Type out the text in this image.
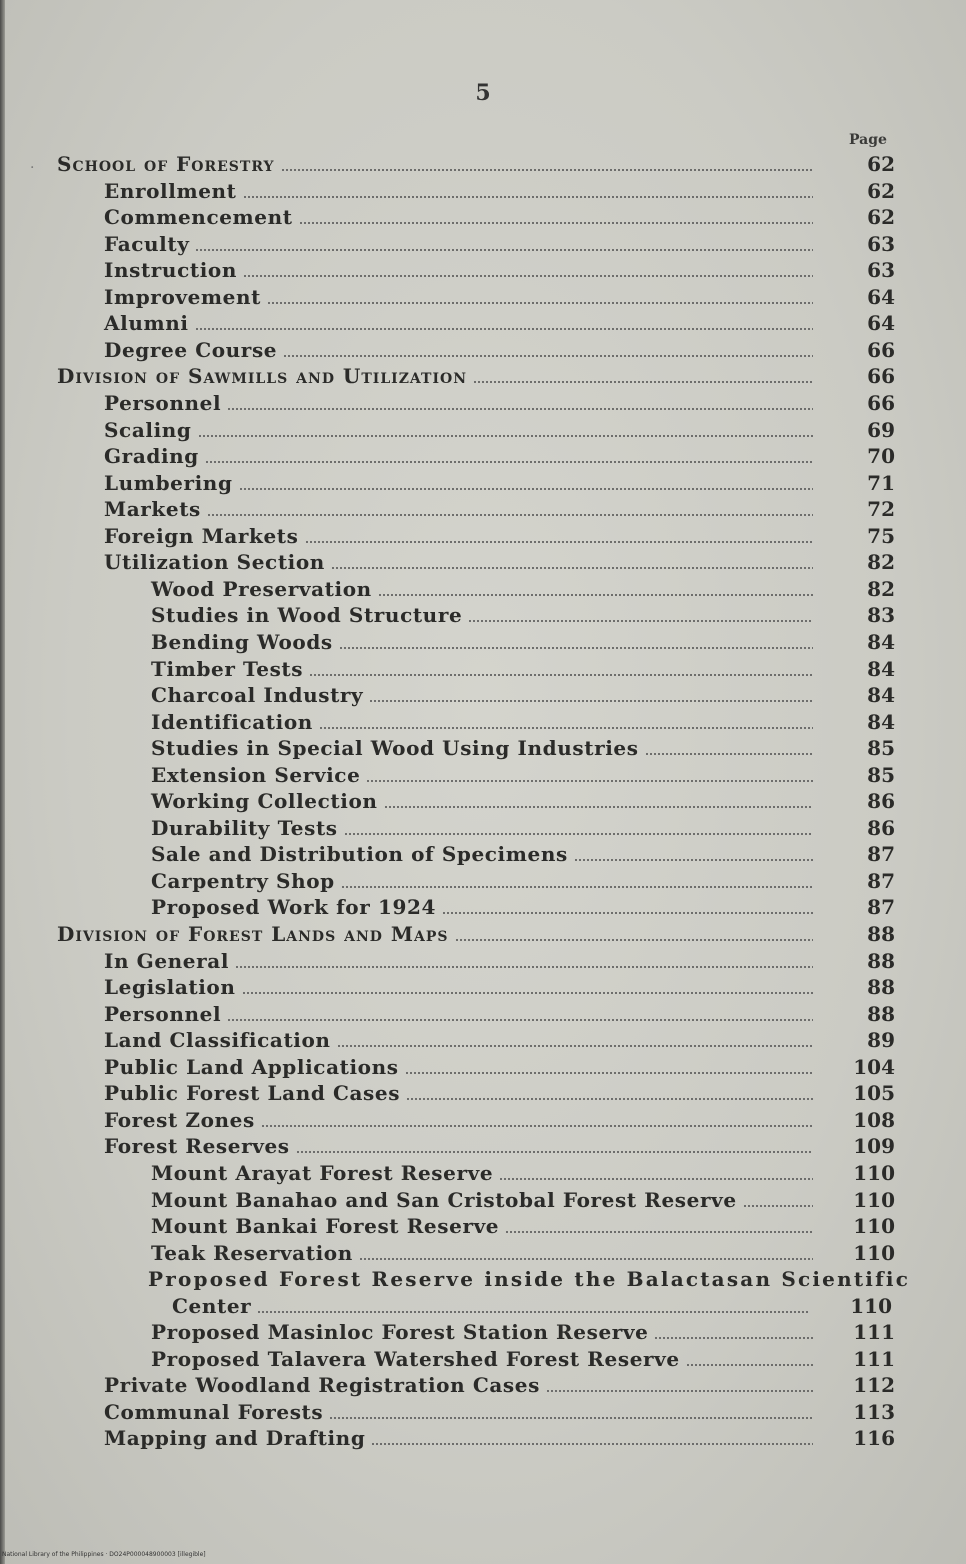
5
Page
· School of Forestry	62
Enrollment	62
Commencement	62
Faculty	63
Instruction	63
Improvement	64
Alumni	64
Degree Course	66
Division of Sawmills and Utilization	66
Personnel	66
Scaling	69
Grading	70
Lumbering	71
Markets	72
Foreign Markets	75
Utilization Section	82
Wood Preservation	82
Studies in Wood Structure	83
Bending Woods	84
Timber Tests	84
Charcoal Industry	84
Identification	84
Studies in Special Wood Using Industries	85
Extension Service	85
Working Collection	86
Durability Tests	86
Sale and Distribution of Specimens	87
Carpentry Shop	87
Proposed Work for 1924	87
Division of Forest Lands and Maps	88
In General	88
Legislation	88
Personnel	88
Land Classification	89
Public Land Applications	104
Public Forest Land Cases	105
Forest Zones	108
Forest Reserves	109
Mount Arayat Forest Reserve	110
Mount Banahao and San Cristobal Forest Reserve	110
Mount Bankai Forest Reserve	110
Teak Reservation	110
Proposed Forest Reserve inside the Balactasan Scientific
Center	110
Proposed Masinloc Forest Station Reserve	111
Proposed Talavera Watershed Forest Reserve	111
Private Woodland Registration Cases	112
Communal Forests	113
Mapping and Drafting	116
National Library of the Philippines · DO24P000048900003 [illegible]
